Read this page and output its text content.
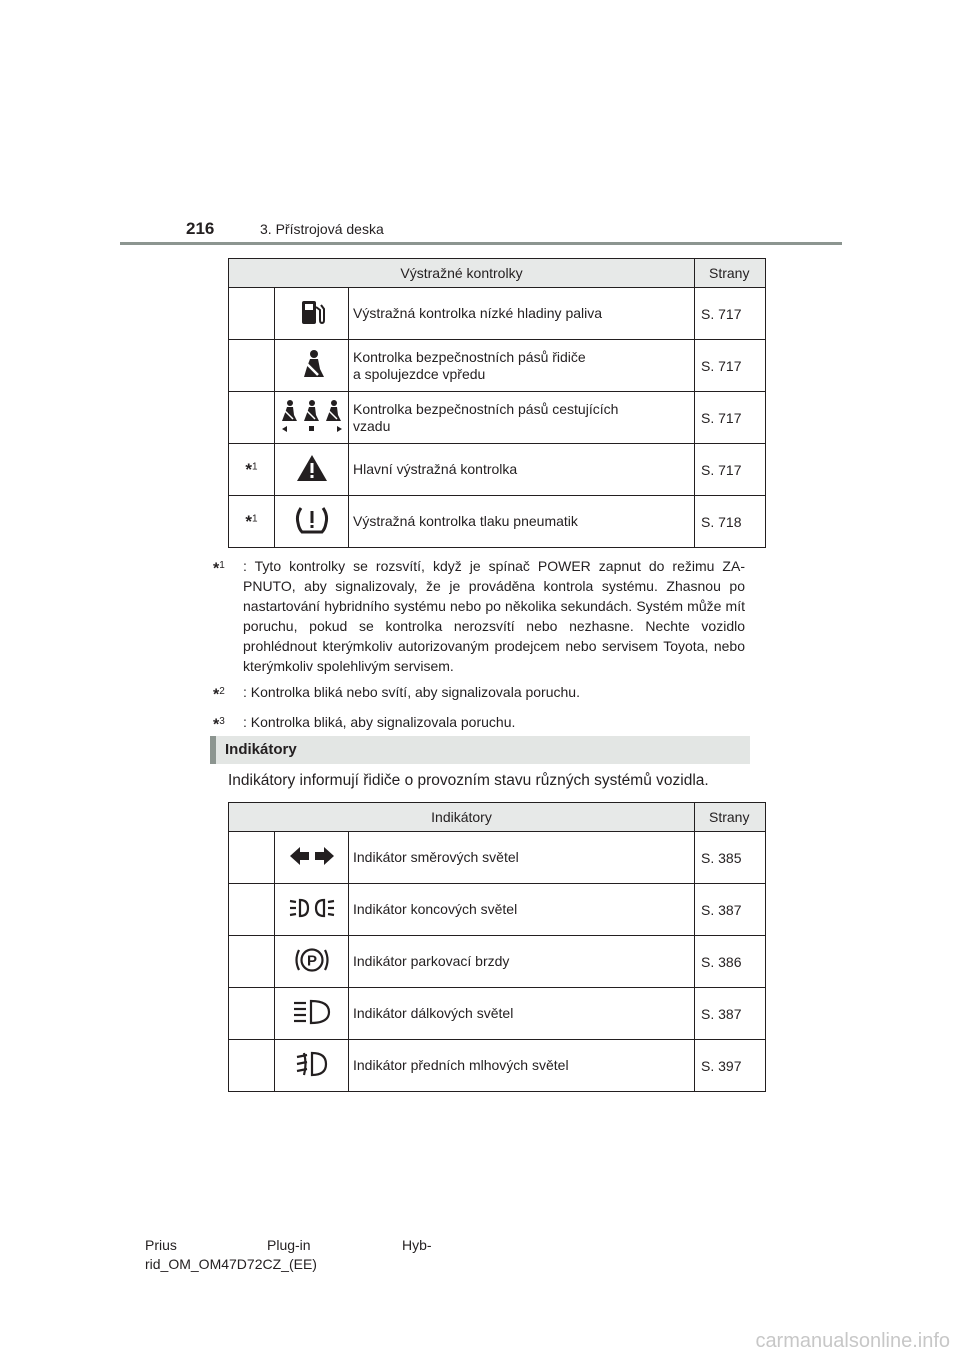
216	3. Přístrojová deska
Výstražné kontrolky			Strany
		Výstražná kontrolka nízké hladiny paliva	S. 717

Kontrolka bezpečnostních pásů řidiče
a spolujezdce vpředu	S. 717

Kontrolka bezpečnostních pásů cestujících
vzadu	S. 717
*$^1$		Hlavní výstražná kontrolka	S. 717
*$^1$		Výstražná kontrolka tlaku pneumatik	S. 718
*$^1$	: Tyto kontrolky se rozsvítí, když je spínač POWER zapnut do režimu ZA-PNUTO, aby signalizovaly, že je prováděna kontrola systému. Zhasnou po nastartování hybridního systému nebo po několika sekundách. Systém může mít poruchu, pokud se kontrolka nerozsvítí nebo nezhasne. Nechte vozidlo prohlédnout kterýmkoliv autorizovaným prodejcem nebo servisem Toyota, nebo kterýmkoliv spolehlivým servisem.
*$^2$	: Kontrolka bliká nebo svítí, aby signalizovala poruchu.
*$^3$	: Kontrolka bliká, aby signalizovala poruchu.
Indikátory
Indikátory informují řidiče o provozním stavu různých systémů vozidla.
Indikátory			Strany
		Indikátor směrových světel	S. 385
		Indikátor koncových světel	S. 387

P	Indikátor parkovací brzdy	S. 386
		Indikátor dálkových světel	S. 387
		Indikátor předních mlhových světel	S. 397
Prius	Plug-in	Hyb-
rid_OM_OM47D72CZ_(EE)
carmanualsonline.info
